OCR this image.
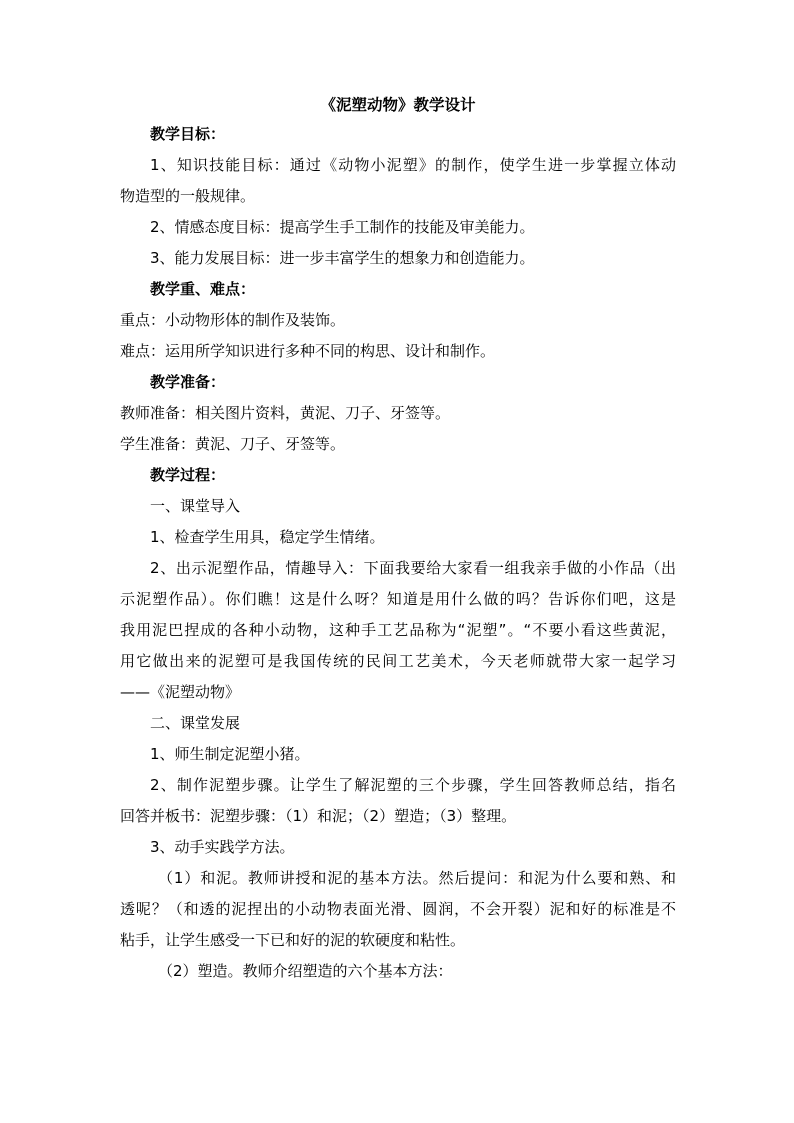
《泥塑动物》教学设计
教学目标：
1、知识技能目标：通过《动物小泥塑》的制作，使学生进一步掌握立体动
物造型的一般规律。
2、情感态度目标：提高学生手工制作的技能及审美能力。
3、能力发展目标：进一步丰富学生的想象力和创造能力。
教学重、难点：
重点：小动物形体的制作及装饰。
难点：运用所学知识进行多种不同的构思、设计和制作。
教学准备：
教师准备：相关图片资料，黄泥、刀子、牙签等。
学生准备：黄泥、刀子、牙签等。
教学过程：
一、课堂导入
1、检查学生用具，稳定学生情绪。
2、出示泥塑作品，情趣导入：下面我要给大家看一组我亲手做的小作品（出
示泥塑作品）。你们瞧！这是什么呀？知道是用什么做的吗？告诉你们吧，这是
我用泥巴捏成的各种小动物，这种手工艺品称为“泥塑”。“不要小看这些黄泥，
用它做出来的泥塑可是我国传统的民间工艺美术，今天老师就带大家一起学习
——《泥塑动物》
二、课堂发展
1、师生制定泥塑小猪。
2、制作泥塑步骤。让学生了解泥塑的三个步骤，学生回答教师总结，指名
回答并板书：泥塑步骤：（1）和泥；（2）塑造；（3）整理。
3、动手实践学方法。
（1）和泥。教师讲授和泥的基本方法。然后提问：和泥为什么要和熟、和
透呢？（和透的泥捏出的小动物表面光滑、圆润，不会开裂）泥和好的标准是不
粘手，让学生感受一下已和好的泥的软硬度和粘性。
（2）塑造。教师介绍塑造的六个基本方法：
